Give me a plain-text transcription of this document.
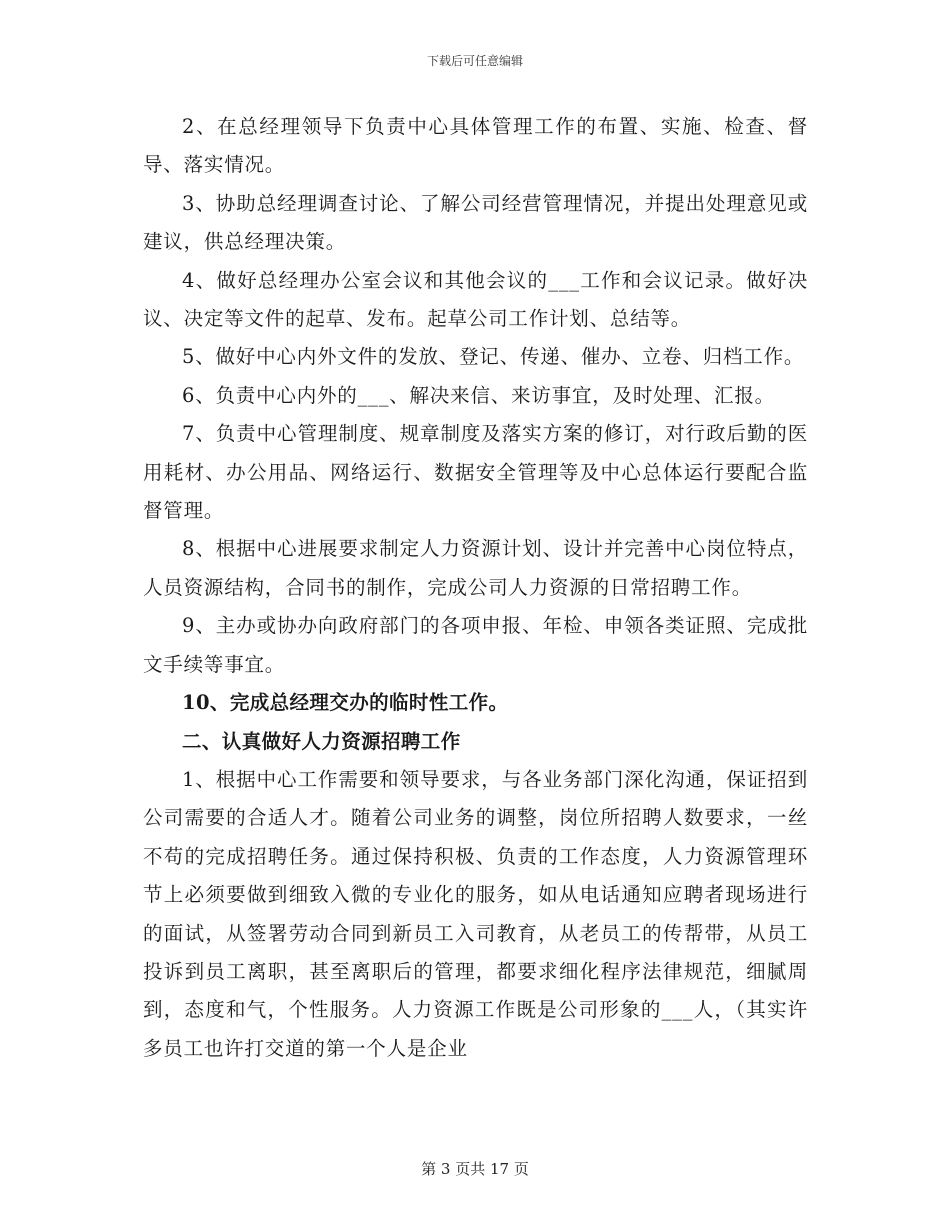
下载后可任意编辑

2、在总经理领导下负责中心具体管理工作的布置、实施、检查、督导、落实情况。

3、协助总经理调查讨论、了解公司经营管理情况，并提出处理意见或建议，供总经理决策。

4、做好总经理办公室会议和其他会议的___工作和会议记录。做好决议、决定等文件的起草、发布。起草公司工作计划、总结等。

5、做好中心内外文件的发放、登记、传递、催办、立卷、归档工作。

6、负责中心内外的___、解决来信、来访事宜，及时处理、汇报。

7、负责中心管理制度、规章制度及落实方案的修订，对行政后勤的医用耗材、办公用品、网络运行、数据安全管理等及中心总体运行要配合监督管理。

8、根据中心进展要求制定人力资源计划、设计并完善中心岗位特点，人员资源结构，合同书的制作，完成公司人力资源的日常招聘工作。

9、主办或协办向政府部门的各项申报、年检、申领各类证照、完成批文手续等事宜。

10、完成总经理交办的临时性工作。

二、认真做好人力资源招聘工作

1、根据中心工作需要和领导要求，与各业务部门深化沟通，保证招到公司需要的合适人才。随着公司业务的调整，岗位所招聘人数要求，一丝不苟的完成招聘任务。通过保持积极、负责的工作态度，人力资源管理环节上必须要做到细致入微的专业化的服务，如从电话通知应聘者现场进行的面试，从签署劳动合同到新员工入司教育，从老员工的传帮带，从员工投诉到员工离职，甚至离职后的管理，都要求细化程序法律规范，细腻周到，态度和气，个性服务。人力资源工作既是公司形象的___人，（其实许多员工也许打交道的第一个人是企业

第 3 页共 17 页
